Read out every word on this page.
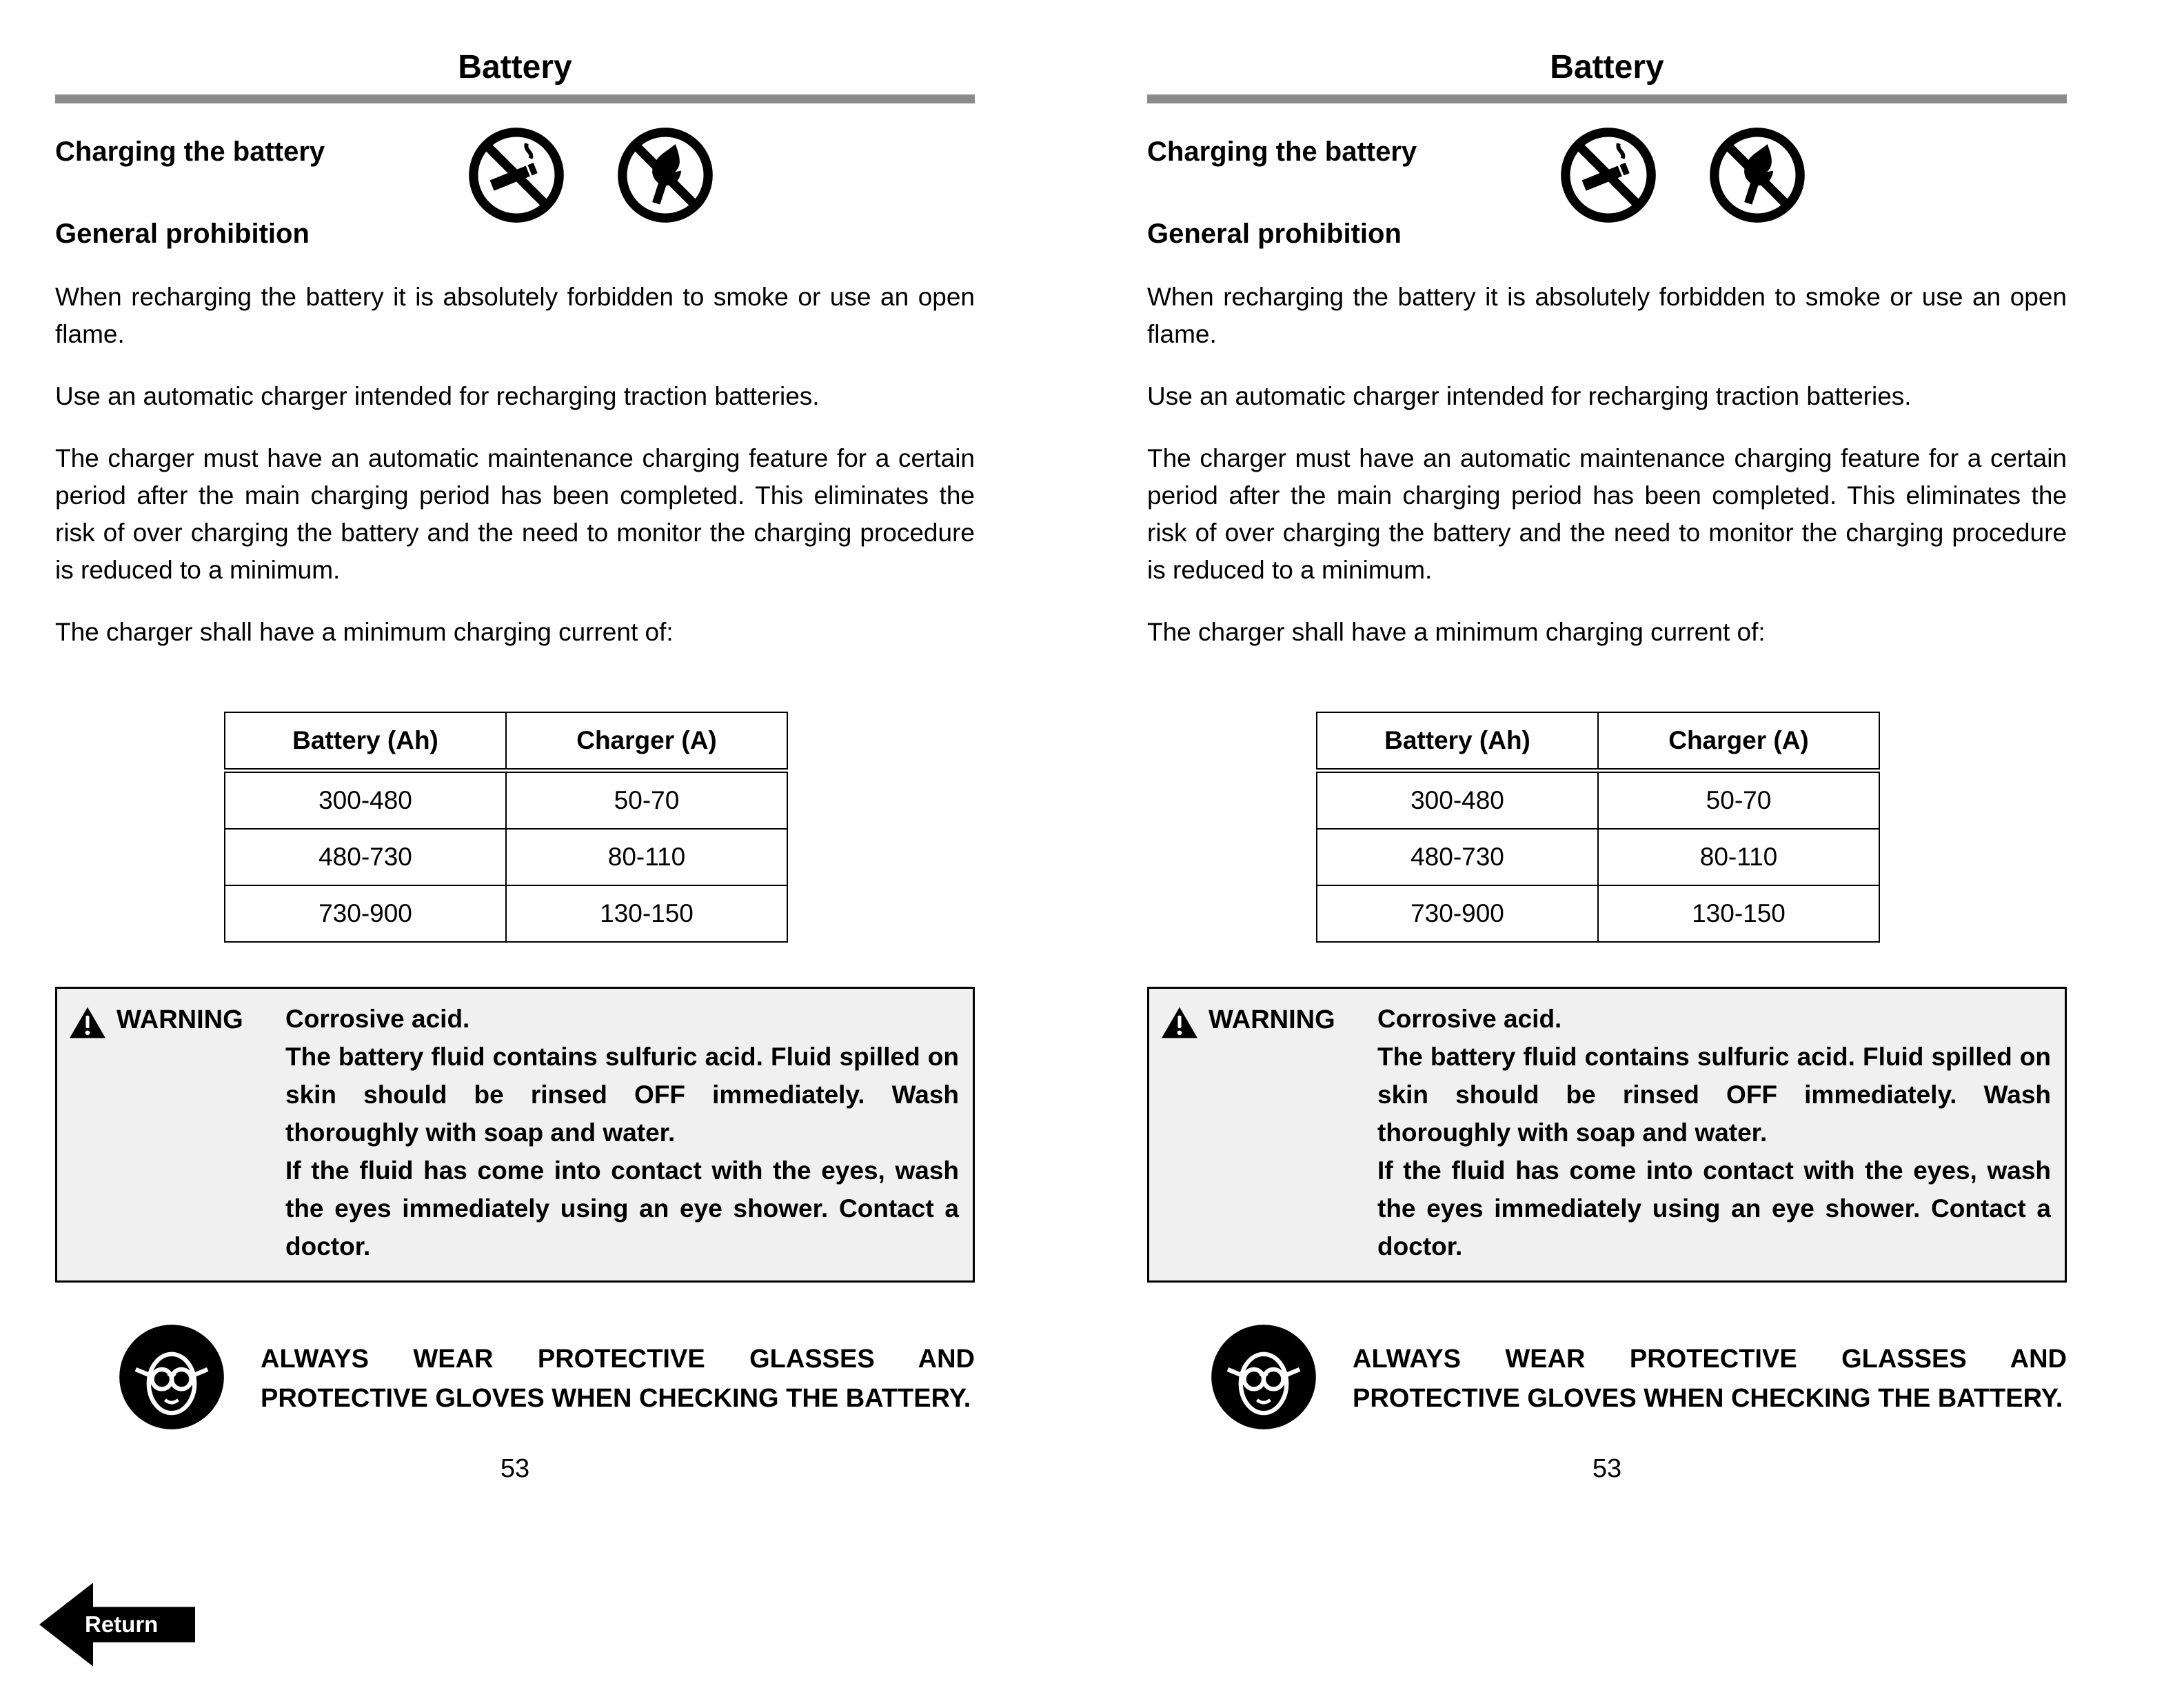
Battery
Charging the battery
General prohibition

When recharging the battery it is absolutely forbidden to smoke or use an open flame.

Use an automatic charger intended for recharging traction batteries.

The charger must have an automatic maintenance charging feature for a certain period after the main charging period has been completed. This eliminates the risk of over charging the battery and the need to monitor the charging procedure is reduced to a minimum.

The charger shall have a minimum charging current of:

Battery (Ah)	Charger (A)
300-480	50-70
480-730	80-110
730-900	130-150
WARNING Corrosive acid.
The battery fluid contains sulfuric acid. Fluid spilled on skin should be rinsed OFF immediately. Wash thoroughly with soap and water.
If the fluid has come into contact with the eyes, wash the eyes immediately using an eye shower. Contact a doctor.
ALWAYS WEAR PROTECTIVE GLASSES AND PROTECTIVE GLOVES WHEN CHECKING THE BATTERY.
53
Battery
Charging the battery
General prohibition

When recharging the battery it is absolutely forbidden to smoke or use an open flame.

Use an automatic charger intended for recharging traction batteries.

The charger must have an automatic maintenance charging feature for a certain period after the main charging period has been completed. This eliminates the risk of over charging the battery and the need to monitor the charging procedure is reduced to a minimum.

The charger shall have a minimum charging current of:

Battery (Ah)	Charger (A)
300-480	50-70
480-730	80-110
730-900	130-150
WARNING Corrosive acid.
The battery fluid contains sulfuric acid. Fluid spilled on skin should be rinsed OFF immediately. Wash thoroughly with soap and water.
If the fluid has come into contact with the eyes, wash the eyes immediately using an eye shower. Contact a doctor.
ALWAYS WEAR PROTECTIVE GLASSES AND PROTECTIVE GLOVES WHEN CHECKING THE BATTERY.
53
Return
